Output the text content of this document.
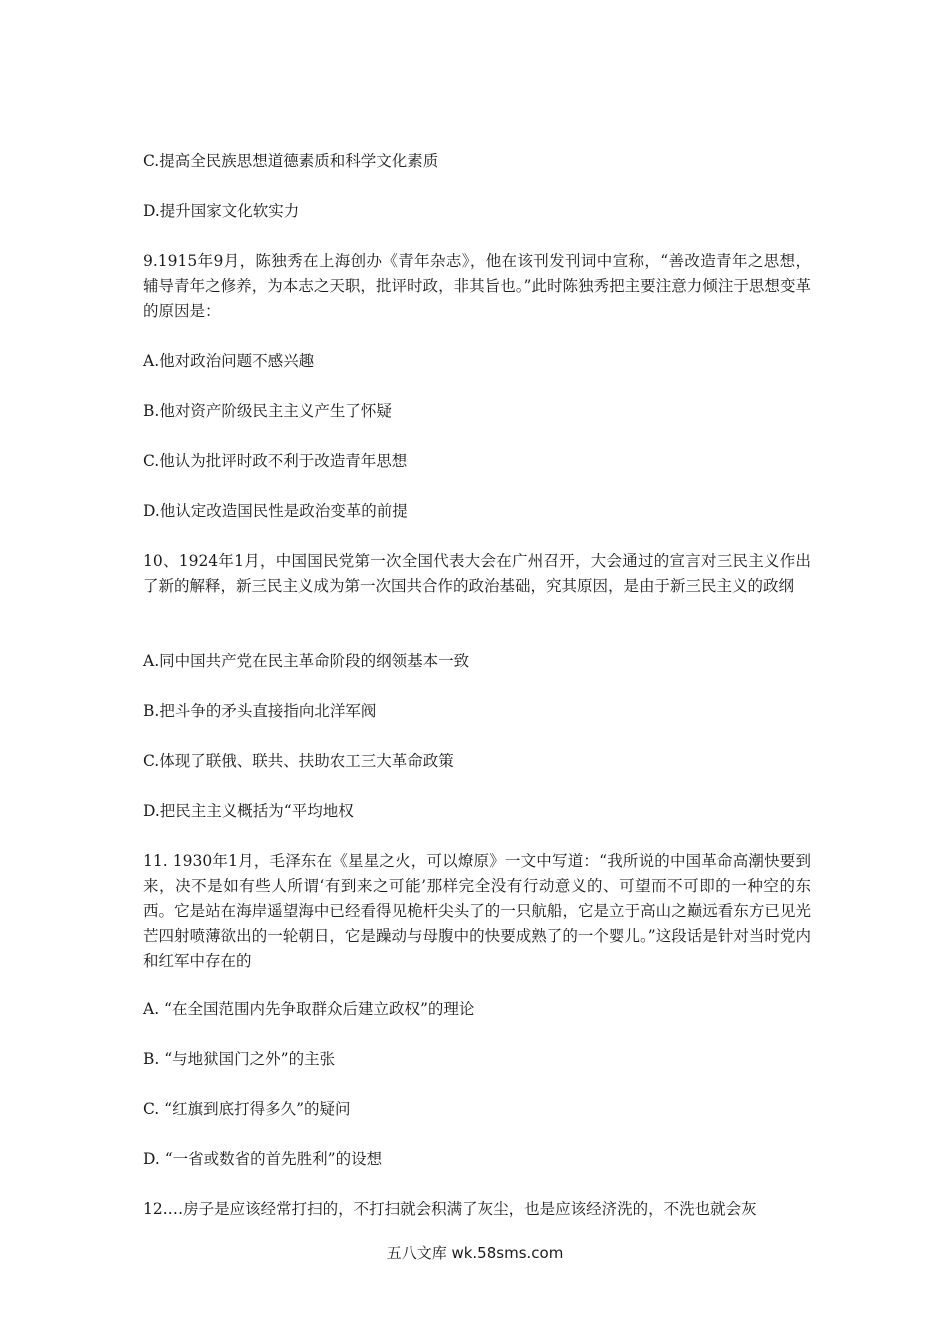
C.提高全民族思想道德素质和科学文化素质

D.提升国家文化软实力

9.1915年9月，陈独秀在上海创办《青年杂志》，他在该刊发刊词中宣称，“善改造青年之思想，辅导青年之修养，为本志之天职，批评时政，非其旨也。”此时陈独秀把主要注意力倾注于思想变革的原因是：

A.他对政治问题不感兴趣

B.他对资产阶级民主主义产生了怀疑

C.他认为批评时政不利于改造青年思想

D.他认定改造国民性是政治变革的前提

10、1924年1月，中国国民党第一次全国代表大会在广州召开，大会通过的宣言对三民主义作出了新的解释，新三民主义成为第一次国共合作的政治基础，究其原因，是由于新三民主义的政纲

A.同中国共产党在民主革命阶段的纲领基本一致

B.把斗争的矛头直接指向北洋军阀

C.体现了联俄、联共、扶助农工三大革命政策

D.把民主主义概括为“平均地权

11. 1930年1月，毛泽东在《星星之火，可以燎原》一文中写道：“我所说的中国革命高潮快要到来，决不是如有些人所谓‘有到来之可能’那样完全没有行动意义的、可望而不可即的一种空的东西。它是站在海岸遥望海中已经看得见桅杆尖头了的一只航船，它是立于高山之巅远看东方已见光芒四射喷薄欲出的一轮朝日，它是躁动与母腹中的快要成熟了的一个婴儿。”这段话是针对当时党内和红军中存在的

A. “在全国范围内先争取群众后建立政权”的理论

B. “与地狱国门之外”的主张

C. “红旗到底打得多久”的疑问

D. “一省或数省的首先胜利”的设想

12.…房子是应该经常打扫的，不打扫就会积满了灰尘，也是应该经济洗的，不洗也就会灰

五八文库 wk.58sms.com
